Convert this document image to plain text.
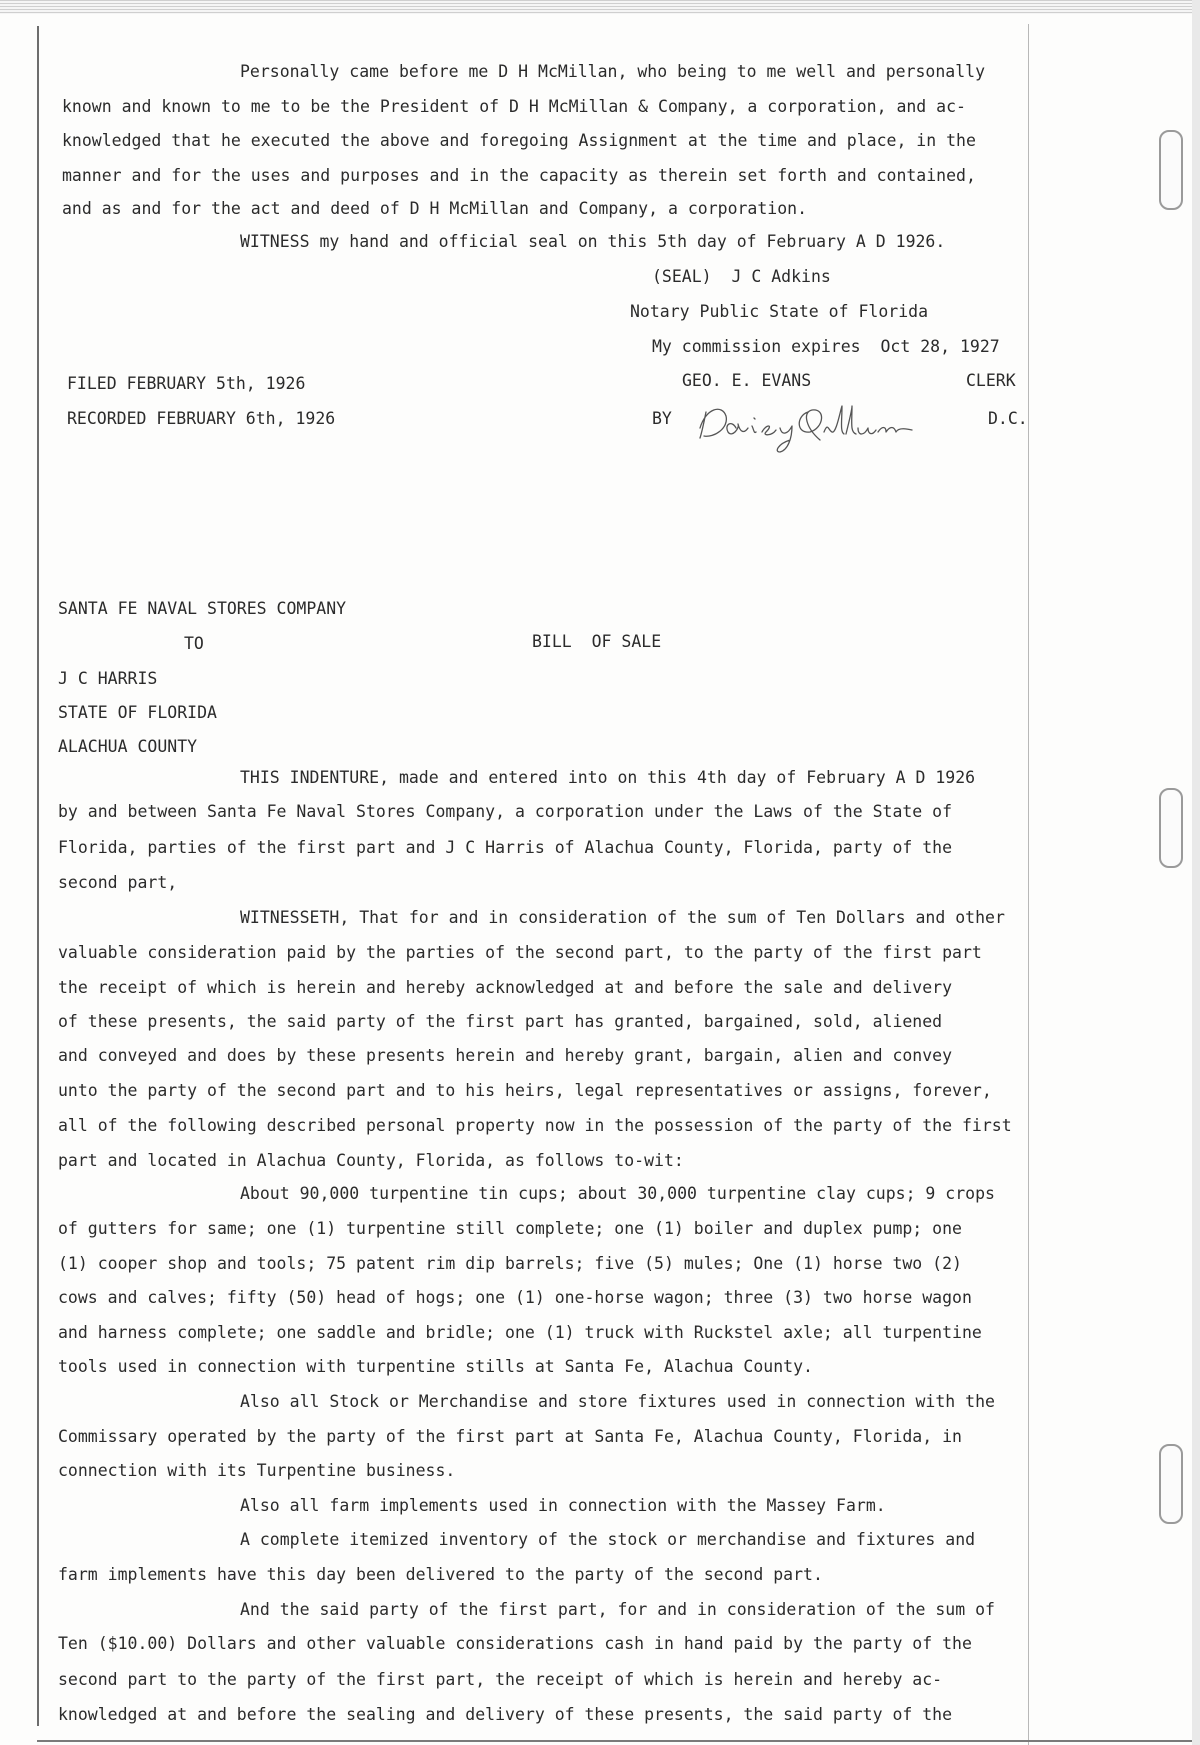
Personally came before me D H McMillan, who being to me well and personally
known and known to me to be the President of D H McMillan & Company, a corporation, and ac-
knowledged that he executed the above and foregoing Assignment at the time and place, in the
manner and for the uses and purposes and in the capacity as therein set forth and contained,
and as and for the act and deed of D H McMillan and Company, a corporation.
WITNESS my hand and official seal on this 5th day of February A D 1926.
(SEAL)  J C Adkins
Notary Public State of Florida
My commission expires  Oct 28, 1927
FILED FEBRUARY 5th, 1926	GEO. E. EVANS	CLERK
RECORDED FEBRUARY 6th, 1926	BY	D.C.
SANTA FE NAVAL STORES COMPANY
TO	BILL  OF SALE
J C HARRIS
STATE OF FLORIDA
ALACHUA COUNTY
THIS INDENTURE, made and entered into on this 4th day of February A D 1926
by and between Santa Fe Naval Stores Company, a corporation under the Laws of the State of
Florida, parties of the first part and J C Harris of Alachua County, Florida, party of the
second part,
WITNESSETH, That for and in consideration of the sum of Ten Dollars and other
valuable consideration paid by the parties of the second part, to the party of the first part
the receipt of which is herein and hereby acknowledged at and before the sale and delivery
of these presents, the said party of the first part has granted, bargained, sold, aliened
and conveyed and does by these presents herein and hereby grant, bargain, alien and convey
unto the party of the second part and to his heirs, legal representatives or assigns, forever,
all of the following described personal property now in the possession of the party of the first
part and located in Alachua County, Florida, as follows to-wit:
About 90,000 turpentine tin cups; about 30,000 turpentine clay cups; 9 crops
of gutters for same; one (1) turpentine still complete; one (1) boiler and duplex pump; one
(1) cooper shop and tools; 75 patent rim dip barrels; five (5) mules; One (1) horse two (2)
cows and calves; fifty (50) head of hogs; one (1) one-horse wagon; three (3) two horse wagon
and harness complete; one saddle and bridle; one (1) truck with Ruckstel axle; all turpentine
tools used in connection with turpentine stills at Santa Fe, Alachua County.
Also all Stock or Merchandise and store fixtures used in connection with the
Commissary operated by the party of the first part at Santa Fe, Alachua County, Florida, in
connection with its Turpentine business.
Also all farm implements used in connection with the Massey Farm.
A complete itemized inventory of the stock or merchandise and fixtures and
farm implements have this day been delivered to the party of the second part.
And the said party of the first part, for and in consideration of the sum of
Ten ($10.00) Dollars and other valuable considerations cash in hand paid by the party of the
second part to the party of the first part, the receipt of which is herein and hereby ac-
knowledged at and before the sealing and delivery of these presents, the said party of the
